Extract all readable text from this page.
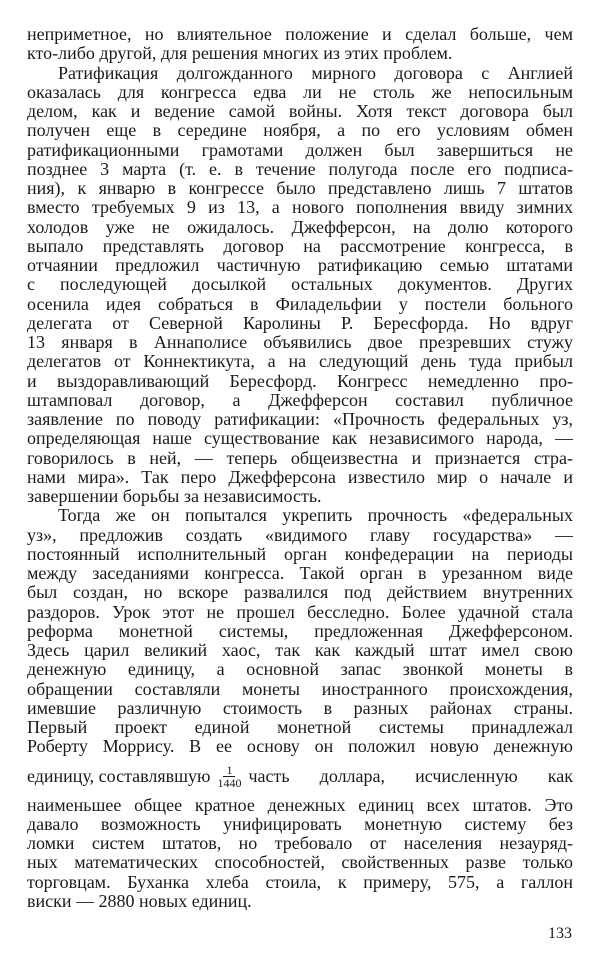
неприметное, но влиятельное положение и сделал больше, чем
кто-либо другой, для решения многих из этих проблем.
Ратификация долгожданного мирного договора с Англией
оказалась для конгресса едва ли не столь же непосильным
делом, как и ведение самой войны. Хотя текст договора был
получен еще в середине ноября, а по его условиям обмен
ратификационными грамотами должен был завершиться не
позднее 3 марта (т. е. в течение полугода после его подписа-
ния), к январю в конгрессе было представлено лишь 7 штатов
вместо требуемых 9 из 13, а нового пополнения ввиду зимних
холодов уже не ожидалось. Джефферсон, на долю которого
выпало представлять договор на рассмотрение конгресса, в
отчаянии предложил частичную ратификацию семью штатами
с последующей досылкой остальных документов. Других
осенила идея собраться в Филадельфии у постели больного
делегата от Северной Каролины Р. Бересфорда. Но вдруг
13 января в Аннаполисе объявились двое презревших стужу
делегатов от Коннектикута, а на следующий день туда прибыл
и выздоравливающий Бересфорд. Конгресс немедленно про-
штамповал договор, а Джефферсон составил публичное
заявление по поводу ратификации: «Прочность федеральных уз,
определяющая наше существование как независимого народа, —
говорилось в ней, — теперь общеизвестна и признается стра-
нами мира». Так перо Джефферсона известило мир о начале и
завершении борьбы за независимость.
Тогда же он попытался укрепить прочность «федеральных
уз», предложив создать «видимого главу государства» —
постоянный исполнительный орган конфедерации на периоды
между заседаниями конгресса. Такой орган в урезанном виде
был создан, но вскоре развалился под действием внутренних
раздоров. Урок этот не прошел бесследно. Более удачной стала
реформа монетной системы, предложенная Джефферсоном.
Здесь царил великий хаос, так как каждый штат имел свою
денежную единицу, а основной запас звонкой монеты в
обращении составляли монеты иностранного происхождения,
имевшие различную стоимость в разных районах страны.
Первый проект единой монетной системы принадлежал
Роберту Моррису. В ее основу он положил новую денежную
единицу, составлявшую $\frac{1}{1440}$ часть доллара, исчисленную как
наименьшее общее кратное денежных единиц всех штатов. Это
давало возможность унифицировать монетную систему без
ломки систем штатов, но требовало от населения незауряд-
ных математических способностей, свойственных разве только
торговцам. Буханка хлеба стоила, к примеру, 575, а галлон
виски — 2880 новых единиц.
133
